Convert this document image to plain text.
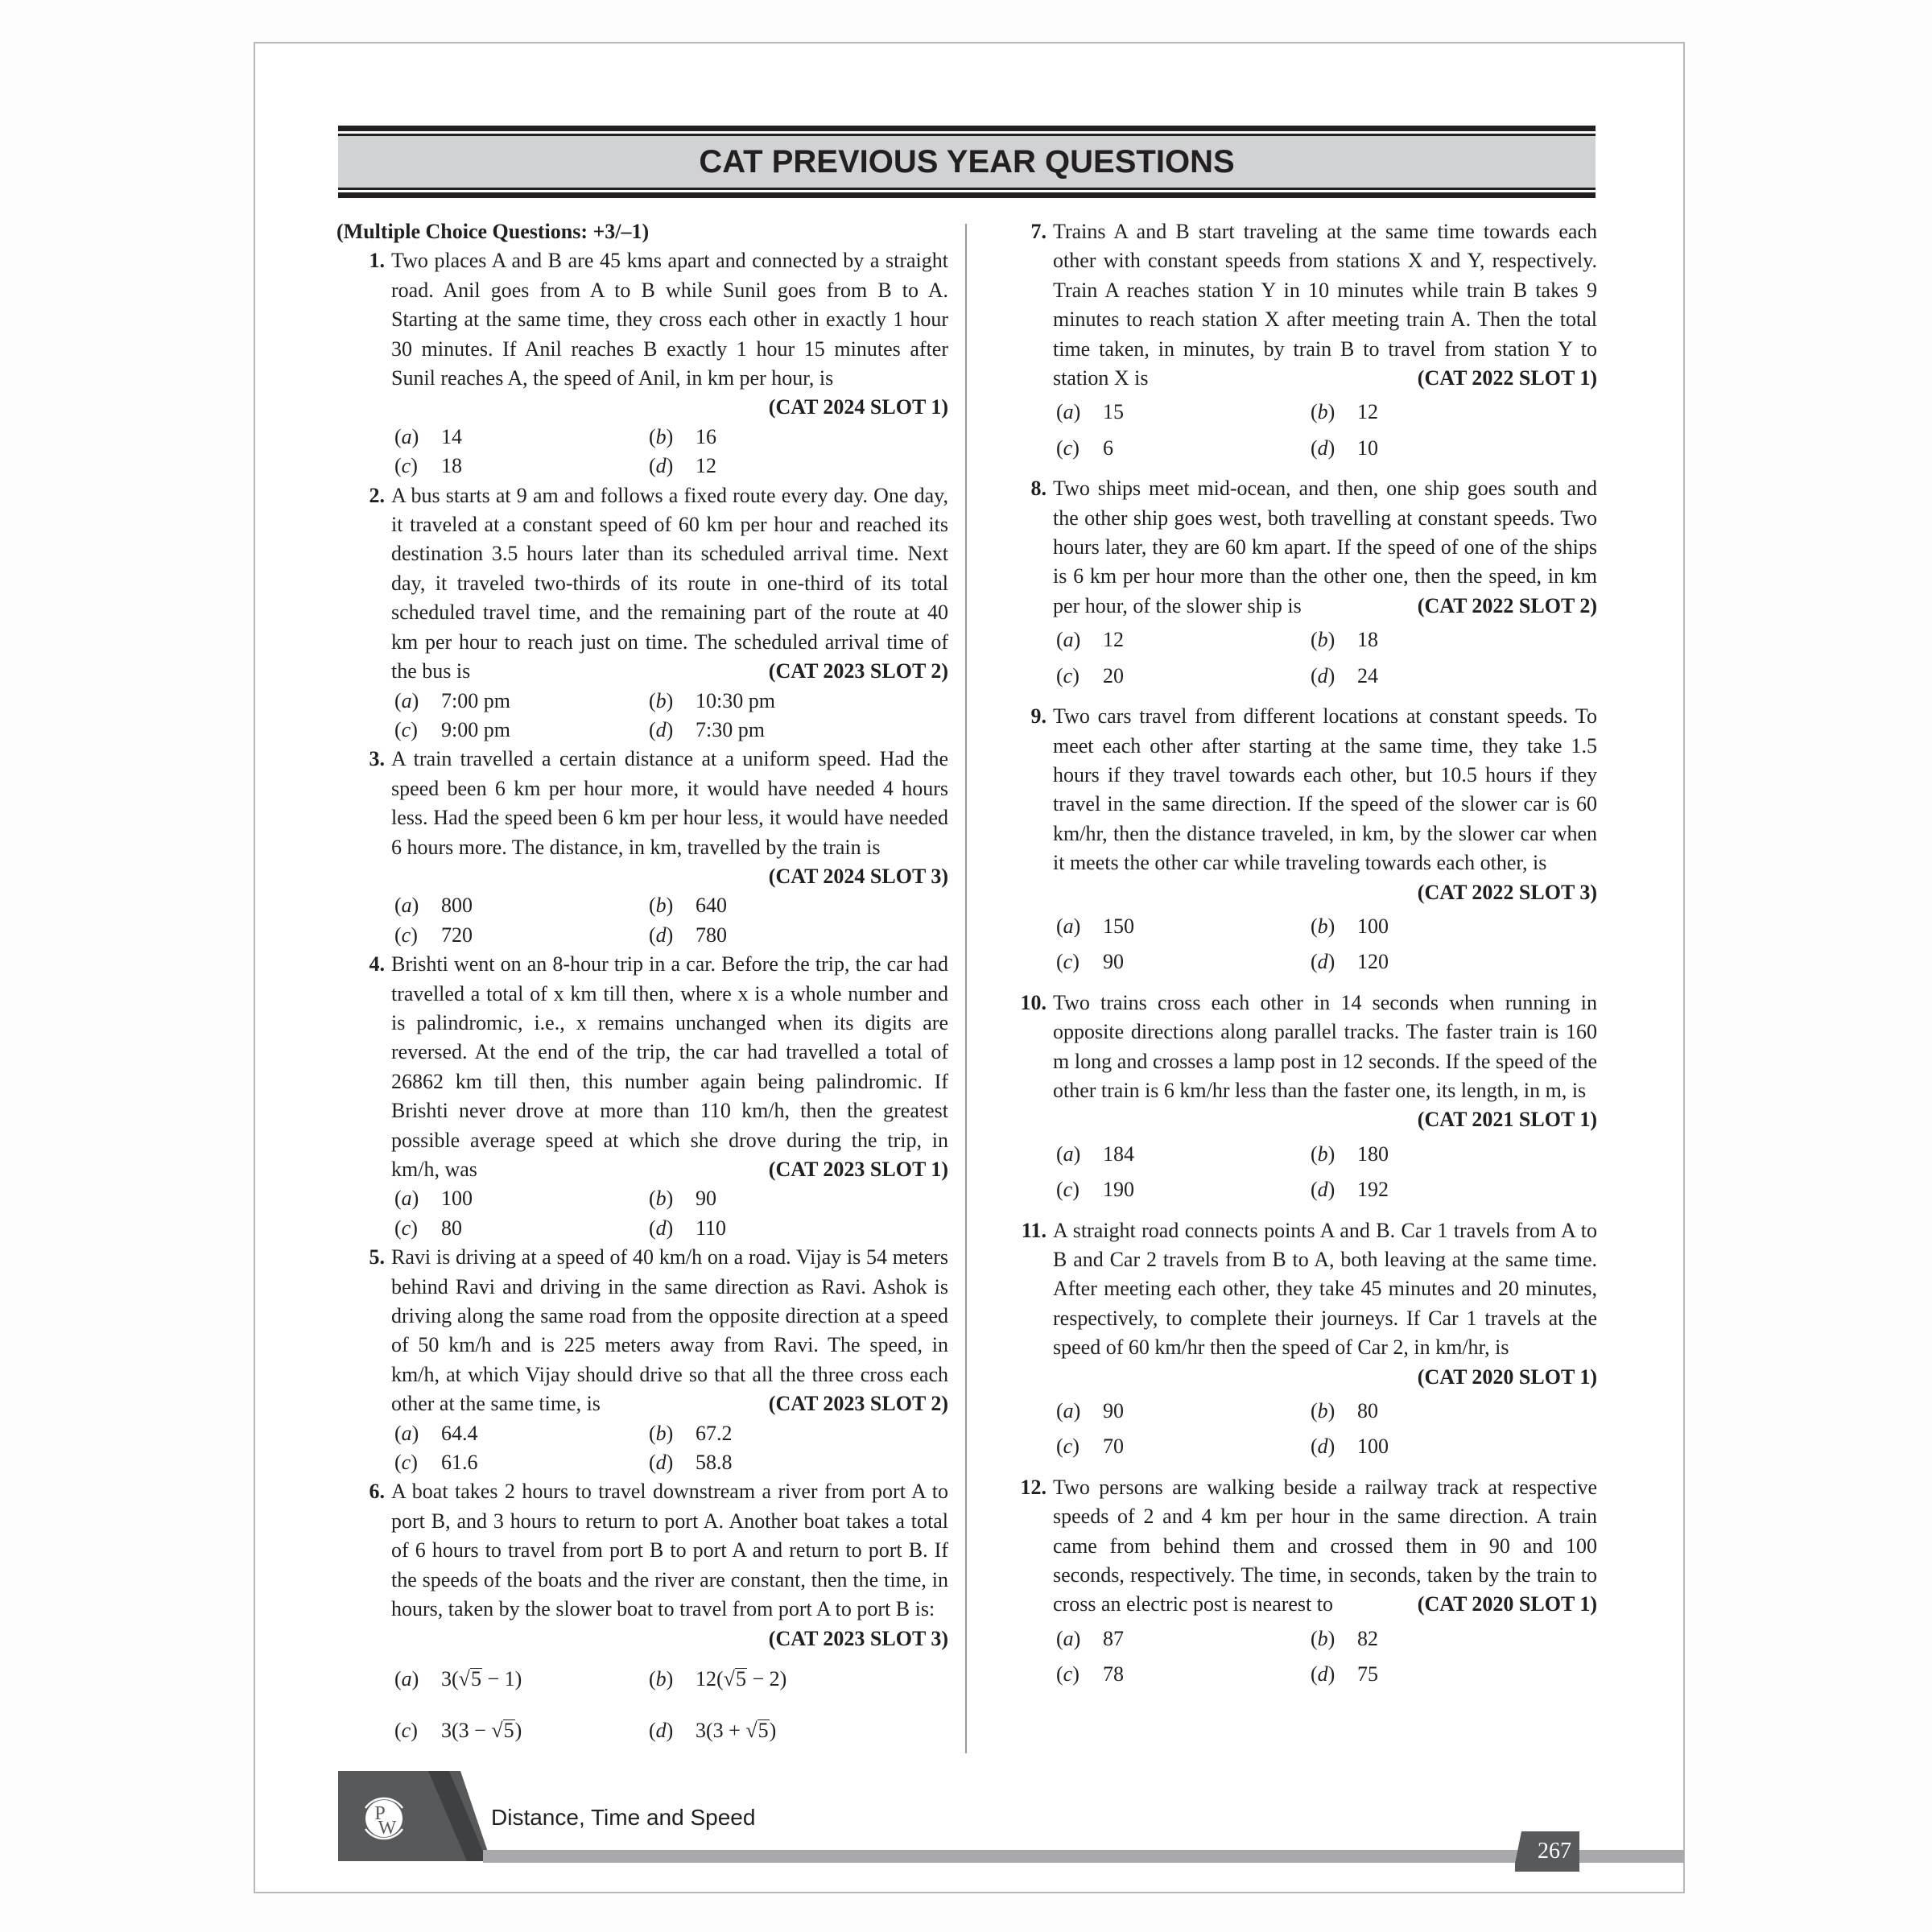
CAT PREVIOUS YEAR QUESTIONS
(Multiple Choice Questions: +3/–1)
1. Two places A and B are 45 kms apart and connected by a straight road. Anil goes from A to B while Sunil goes from B to A. Starting at the same time, they cross each other in exactly 1 hour 30 minutes. If Anil reaches B exactly 1 hour 15 minutes after Sunil reaches A, the speed of Anil, in km per hour, is
(CAT 2024 SLOT 1)
(a) 14	(b) 16
(c) 18	(d) 12
2. A bus starts at 9 am and follows a fixed route every day. One day, it traveled at a constant speed of 60 km per hour and reached its destination 3.5 hours later than its scheduled arrival time. Next day, it traveled two-thirds of its route in one-third of its total scheduled travel time, and the remaining part of the route at 40 km per hour to reach just on time. The scheduled arrival time of the bus is	(CAT 2023 SLOT 2)
(a) 7:00 pm	(b) 10:30 pm
(c) 9:00 pm	(d) 7:30 pm
3. A train travelled a certain distance at a uniform speed. Had the speed been 6 km per hour more, it would have needed 4 hours less. Had the speed been 6 km per hour less, it would have needed 6 hours more. The distance, in km, travelled by the train is
(CAT 2024 SLOT 3)
(a) 800	(b) 640
(c) 720	(d) 780
4. Brishti went on an 8-hour trip in a car. Before the trip, the car had travelled a total of x km till then, where x is a whole number and is palindromic, i.e., x remains unchanged when its digits are reversed. At the end of the trip, the car had travelled a total of 26862 km till then, this number again being palindromic. If Brishti never drove at more than 110 km/h, then the greatest possible average speed at which she drove during the trip, in km/h, was	(CAT 2023 SLOT 1)
(a) 100	(b) 90
(c) 80	(d) 110
5. Ravi is driving at a speed of 40 km/h on a road. Vijay is 54 meters behind Ravi and driving in the same direction as Ravi. Ashok is driving along the same road from the opposite direction at a speed of 50 km/h and is 225 meters away from Ravi. The speed, in km/h, at which Vijay should drive so that all the three cross each other at the same time, is	(CAT 2023 SLOT 2)
(a) 64.4	(b) 67.2
(c) 61.6	(d) 58.8
6. A boat takes 2 hours to travel downstream a river from port A to port B, and 3 hours to return to port A. Another boat takes a total of 6 hours to travel from port B to port A and return to port B. If the speeds of the boats and the river are constant, then the time, in hours, taken by the slower boat to travel from port A to port B is:
(CAT 2023 SLOT 3)
(a) 3(√5 − 1)	(b) 12(√5 − 2)
(c) 3(3 − √5)	(d) 3(3 + √5)
7. Trains A and B start traveling at the same time towards each other with constant speeds from stations X and Y, respectively. Train A reaches station Y in 10 minutes while train B takes 9 minutes to reach station X after meeting train A. Then the total time taken, in minutes, by train B to travel from station Y to station X is	(CAT 2022 SLOT 1)
(a) 15	(b) 12
(c) 6	(d) 10
8. Two ships meet mid-ocean, and then, one ship goes south and the other ship goes west, both travelling at constant speeds. Two hours later, they are 60 km apart. If the speed of one of the ships is 6 km per hour more than the other one, then the speed, in km per hour, of the slower ship is	(CAT 2022 SLOT 2)
(a) 12	(b) 18
(c) 20	(d) 24
9. Two cars travel from different locations at constant speeds. To meet each other after starting at the same time, they take 1.5 hours if they travel towards each other, but 10.5 hours if they travel in the same direction. If the speed of the slower car is 60 km/hr, then the distance traveled, in km, by the slower car when it meets the other car while traveling towards each other, is
(CAT 2022 SLOT 3)
(a) 150	(b) 100
(c) 90	(d) 120
10. Two trains cross each other in 14 seconds when running in opposite directions along parallel tracks. The faster train is 160 m long and crosses a lamp post in 12 seconds. If the speed of the other train is 6 km/hr less than the faster one, its length, in m, is
(CAT 2021 SLOT 1)
(a) 184	(b) 180
(c) 190	(d) 192
11. A straight road connects points A and B. Car 1 travels from A to B and Car 2 travels from B to A, both leaving at the same time. After meeting each other, they take 45 minutes and 20 minutes, respectively, to complete their journeys. If Car 1 travels at the speed of 60 km/hr then the speed of Car 2, in km/hr, is
(CAT 2020 SLOT 1)
(a) 90	(b) 80
(c) 70	(d) 100
12. Two persons are walking beside a railway track at respective speeds of 2 and 4 km per hour in the same direction. A train came from behind them and crossed them in 90 and 100 seconds, respectively. The time, in seconds, taken by the train to cross an electric post is nearest to	(CAT 2020 SLOT 1)
(a) 87	(b) 82
(c) 78	(d) 75
P
W	Distance, Time and Speed
267
